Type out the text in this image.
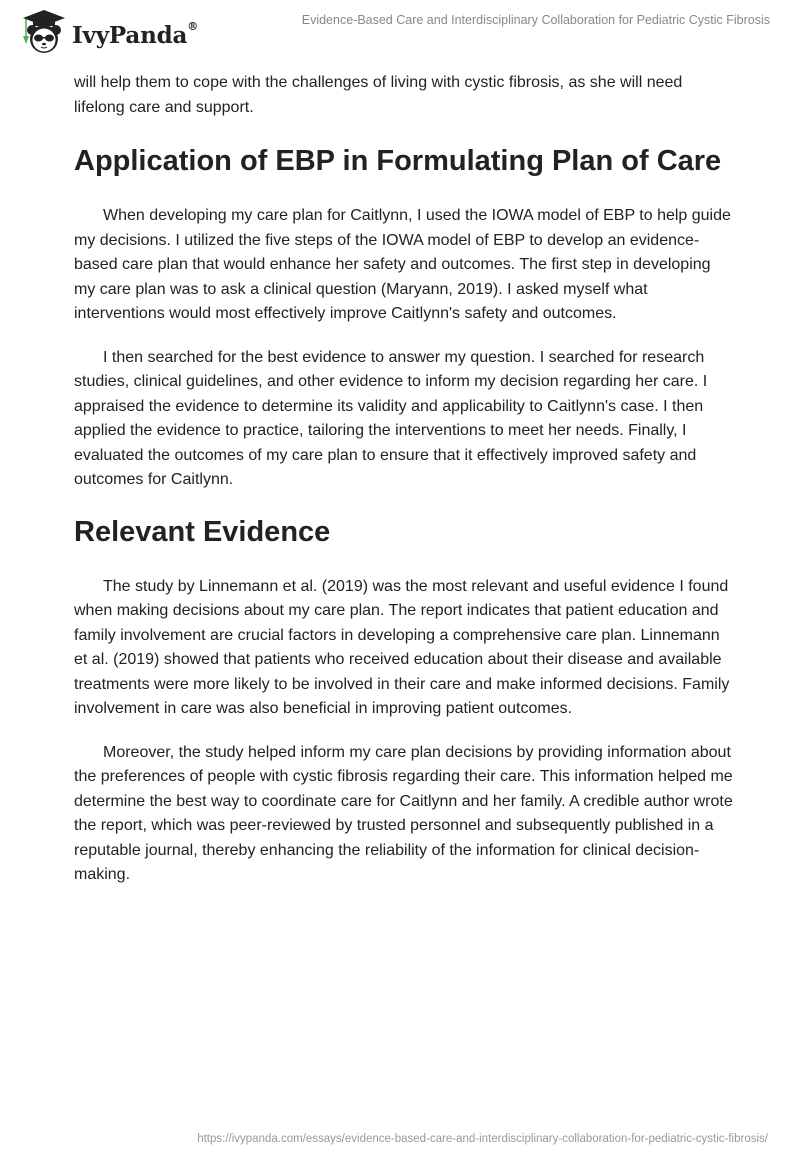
IvyPanda®	Evidence-Based Care and Interdisciplinary Collaboration for Pediatric Cystic Fibrosis

will help them to cope with the challenges of living with cystic fibrosis, as she will need lifelong care and support.

Application of EBP in Formulating Plan of Care

When developing my care plan for Caitlynn, I used the IOWA model of EBP to help guide my decisions. I utilized the five steps of the IOWA model of EBP to develop an evidence-based care plan that would enhance her safety and outcomes. The first step in developing my care plan was to ask a clinical question (Maryann, 2019). I asked myself what interventions would most effectively improve Caitlynn's safety and outcomes.

I then searched for the best evidence to answer my question. I searched for research studies, clinical guidelines, and other evidence to inform my decision regarding her care. I appraised the evidence to determine its validity and applicability to Caitlynn's case. I then applied the evidence to practice, tailoring the interventions to meet her needs. Finally, I evaluated the outcomes of my care plan to ensure that it effectively improved safety and outcomes for Caitlynn.

Relevant Evidence

The study by Linnemann et al. (2019) was the most relevant and useful evidence I found when making decisions about my care plan. The report indicates that patient education and family involvement are crucial factors in developing a comprehensive care plan. Linnemann et al. (2019) showed that patients who received education about their disease and available treatments were more likely to be involved in their care and make informed decisions. Family involvement in care was also beneficial in improving patient outcomes.

Moreover, the study helped inform my care plan decisions by providing information about the preferences of people with cystic fibrosis regarding their care. This information helped me determine the best way to coordinate care for Caitlynn and her family. A credible author wrote the report, which was peer-reviewed by trusted personnel and subsequently published in a reputable journal, thereby enhancing the reliability of the information for clinical decision-making.

https://ivypanda.com/essays/evidence-based-care-and-interdisciplinary-collaboration-for-pediatric-cystic-fibrosis/
